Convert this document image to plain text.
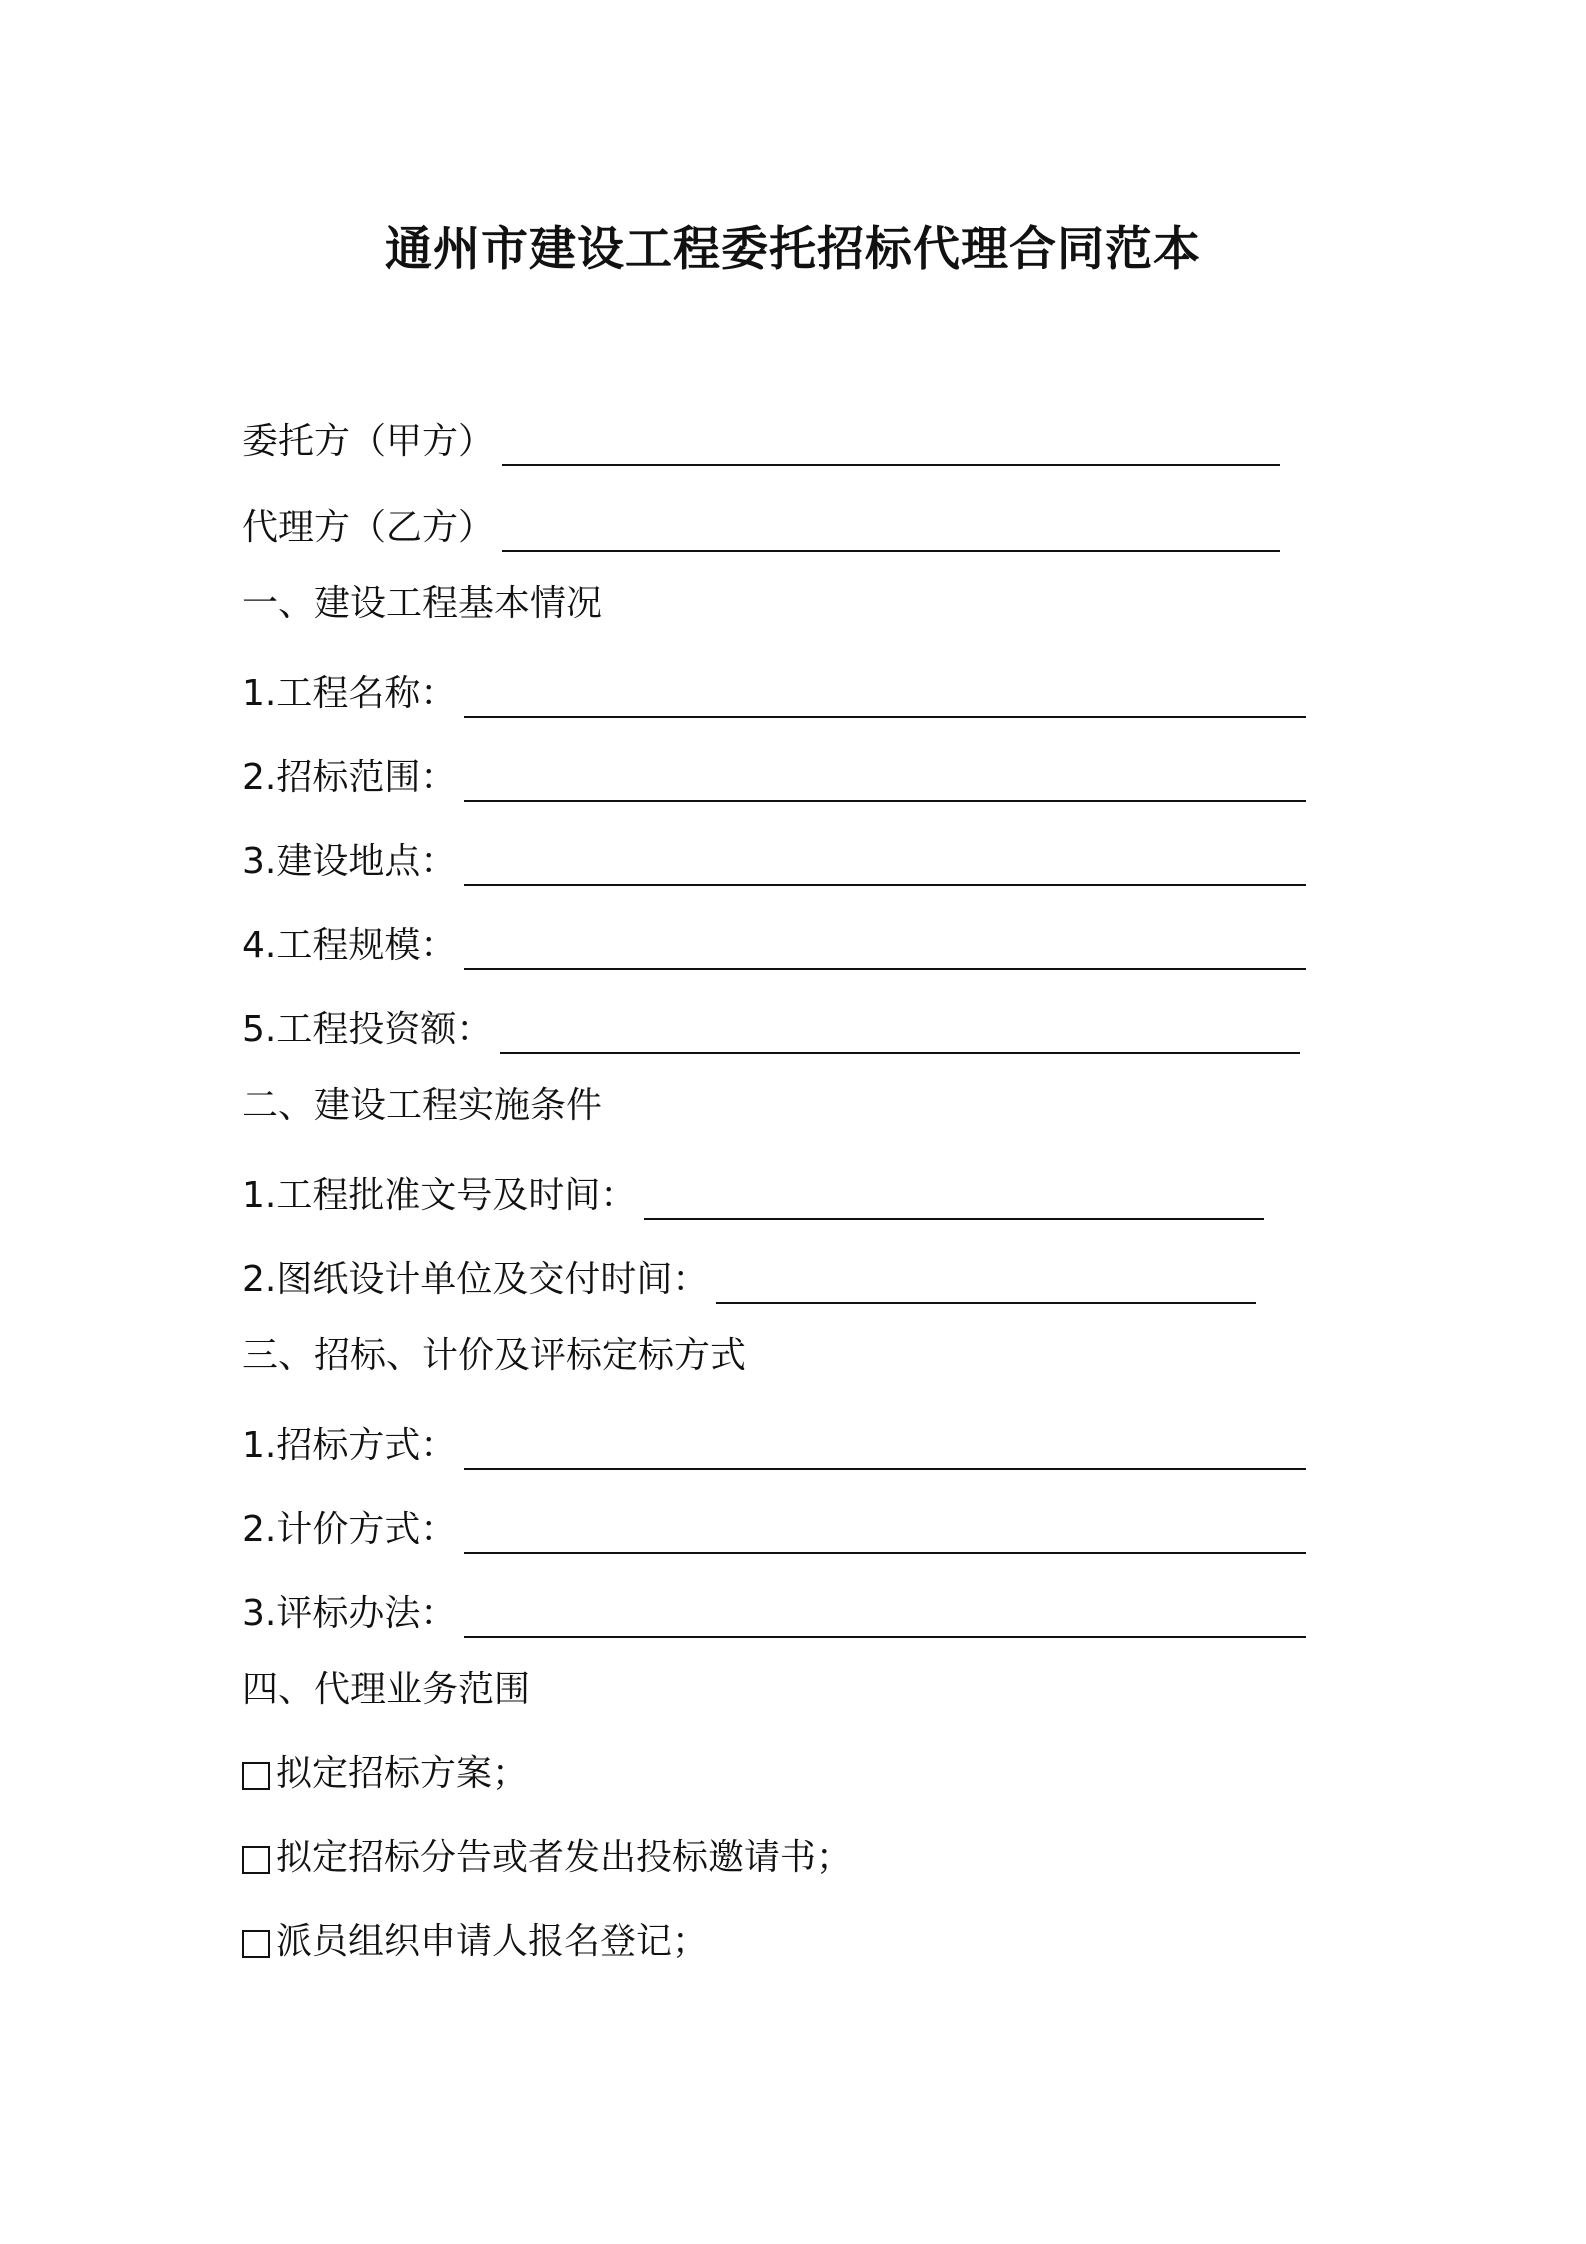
通州市建设工程委托招标代理合同范本
委托方（甲方）
代理方（乙方）
一、建设工程基本情况
1.工程名称：
2.招标范围：
3.建设地点：
4.工程规模：
5.工程投资额：
二、建设工程实施条件
1.工程批准文号及时间：
2.图纸设计单位及交付时间：
三、招标、计价及评标定标方式
1.招标方式：
2.计价方式：
3.评标办法：
四、代理业务范围
拟定招标方案；
拟定招标分告或者发出投标邀请书；
派员组织申请人报名登记；
